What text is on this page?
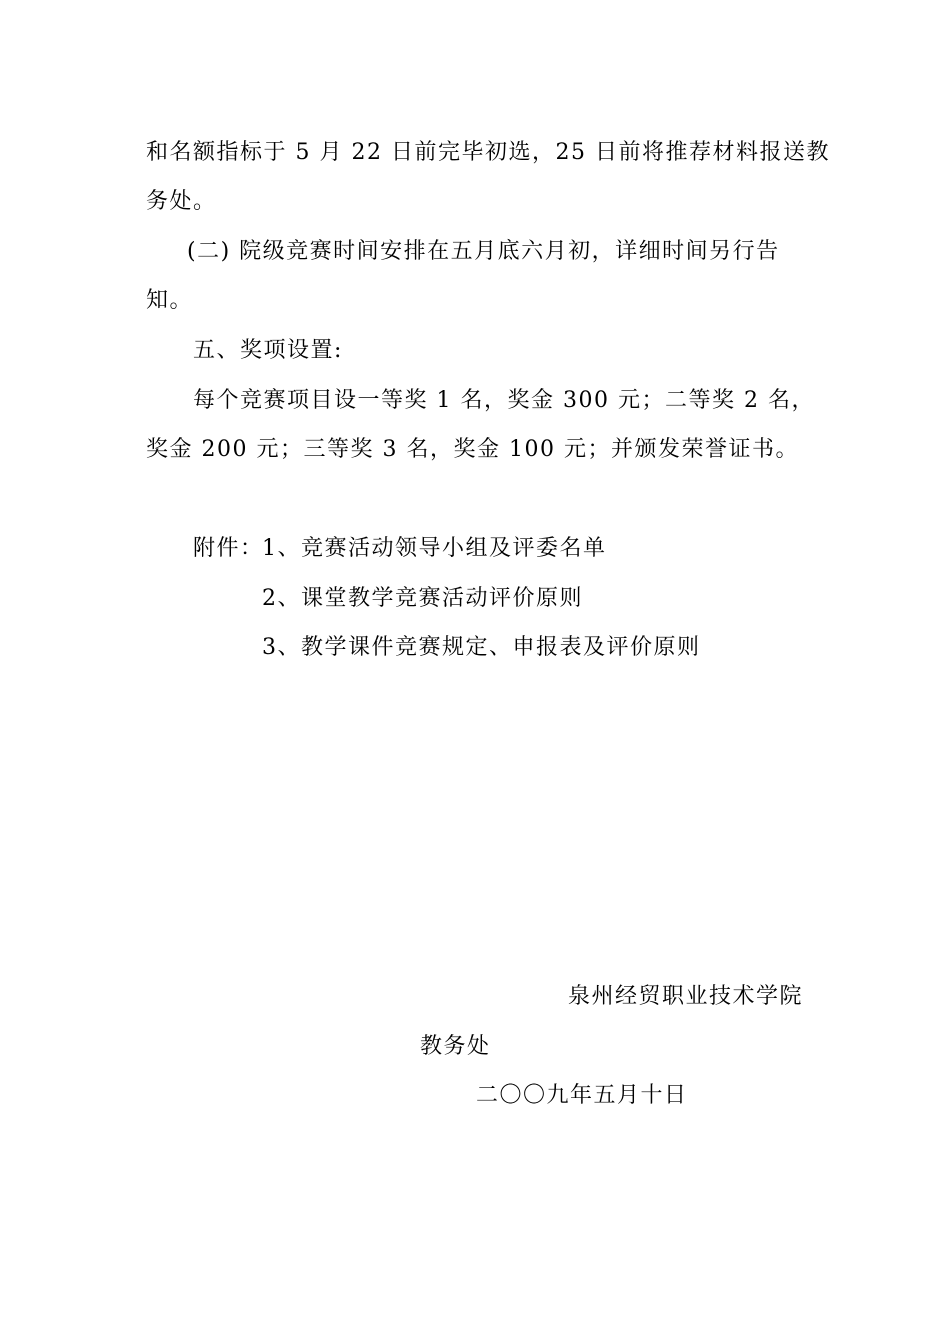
和名额指标于 5 月 22 日前完毕初选，25 日前将推荐材料报送教
务处。
(二) 院级竞赛时间安排在五月底六月初，详细时间另行告
知。
五、奖项设置:
每个竞赛项目设一等奖 1 名，奖金 300 元；二等奖 2 名，
奖金 200 元；三等奖 3 名，奖金 100 元；并颁发荣誉证书。
附件：
1、竞赛活动领导小组及评委名单
2、课堂教学竞赛活动评价原则
3、教学课件竞赛规定、申报表及评价原则
泉州经贸职业技术学院
教务处
二〇〇九年五月十日
